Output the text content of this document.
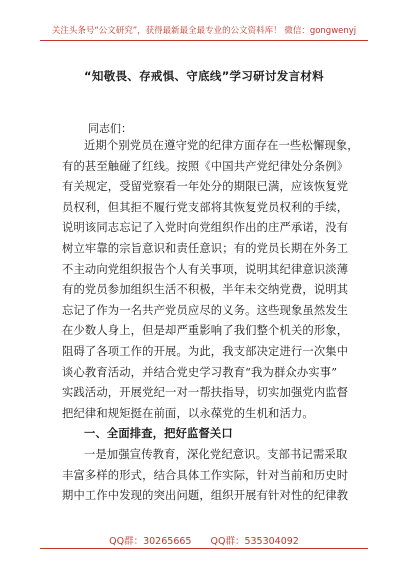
关注头条号“公文研究”，获得最新最全最专业的公文资料库！ 微信：gongwenyj
“知敬畏、存戒惧、守底线”学习研讨发言材料
同志们：
近期个别党员在遵守党的纪律方面存在一些松懈现象，
有的甚至触碰了红线。按照《中国共产党纪律处分条例》
有关规定，受留党察看一年处分的期限已满，应该恢复党
员权利，但其拒不履行党支部将其恢复党员权利的手续，
说明该同志忘记了入党时向党组织作出的庄严承诺，没有
树立牢靠的宗旨意识和责任意识；有的党员长期在外务工
不主动向党组织报告个人有关事项，说明其纪律意识淡薄
有的党员参加组织生活不积极，半年未交纳党费，说明其
忘记了作为一名共产党员应尽的义务。这些现象虽然发生
在少数人身上，但是却严重影响了我们整个机关的形象，
阻碍了各项工作的开展。为此，我支部决定进行一次集中
谈心教育活动，并结合党史学习教育“我为群众办实事”
实践活动，开展党纪一对一帮扶指导，切实加强党内监督
把纪律和规矩挺在前面，以永葆党的生机和活力。
一、全面排查，把好监督关口
一是加强宣传教育，深化党纪意识。支部书记需采取
丰富多样的形式，结合具体工作实际，针对当前和历史时
期中工作中发现的突出问题，组织开展有针对性的纪律教
QQ群：30265665 QQ群：535304092
